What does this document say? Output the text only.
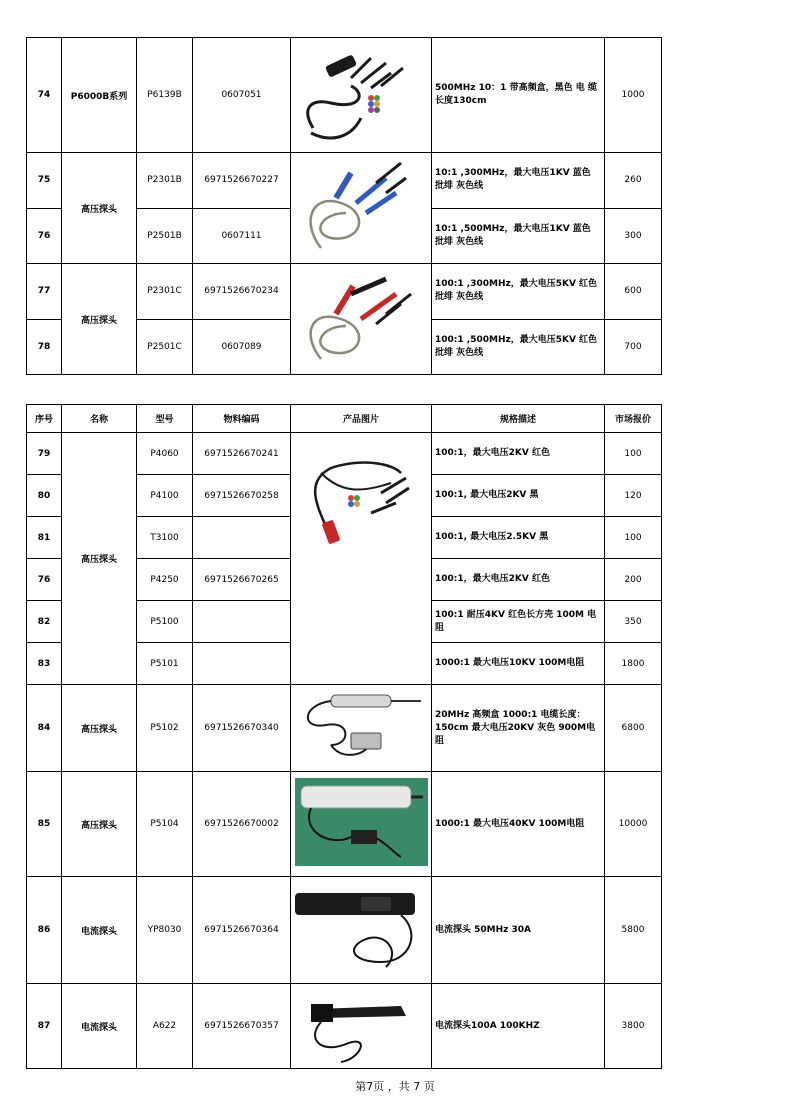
74	P6000B系列	P6139B	0607051		500MHz 10：1 带高频盒，黑色 电 缆长度130cm	1000
75	高压探头	P2301B	6971526670227		10:1 ,300MHz，最大电压1KV 蓝色 批绯 灰色线	260
76		P2501B	0607111		10:1 ,500MHz，最大电压1KV 蓝色 批绯 灰色线	300
77	高压探头	P2301C	6971526670234		100:1 ,300MHz，最大电压5KV 红色 批绯 灰色线	600
78		P2501C	0607089		100:1 ,500MHz，最大电压5KV 红色 批绯 灰色线	700
序号	名称	型号	物料编码	产品图片	规格描述	市场报价
79	高压探头	P4060	6971526670241		100:1，最大电压2KV 红色	100
80		P4100	6971526670258		100:1, 最大电压2KV 黑	120
81		T3100			100:1, 最大电压2.5KV 黑	100
76		P4250	6971526670265		100:1，最大电压2KV 红色	200
82		P5100			100:1 耐压4KV 红色长方壳 100M 电阻	350
83		P5101			1000:1 最大电压10KV 100M电阻	1800
84	高压探头	P5102	6971526670340		20MHz 高频盒 1000:1 电缆长度：150cm 最大电压20KV 灰色 900M电阻	6800
85	高压探头	P5104	6971526670002		1000:1 最大电压40KV 100M电阻	10000
86	电流探头	YP8030	6971526670364		电流探头 50MHz 30A	5800
87	电流探头	A622	6971526670357		电流探头100A 100KHZ	3800
第7页 ，共 7 页
